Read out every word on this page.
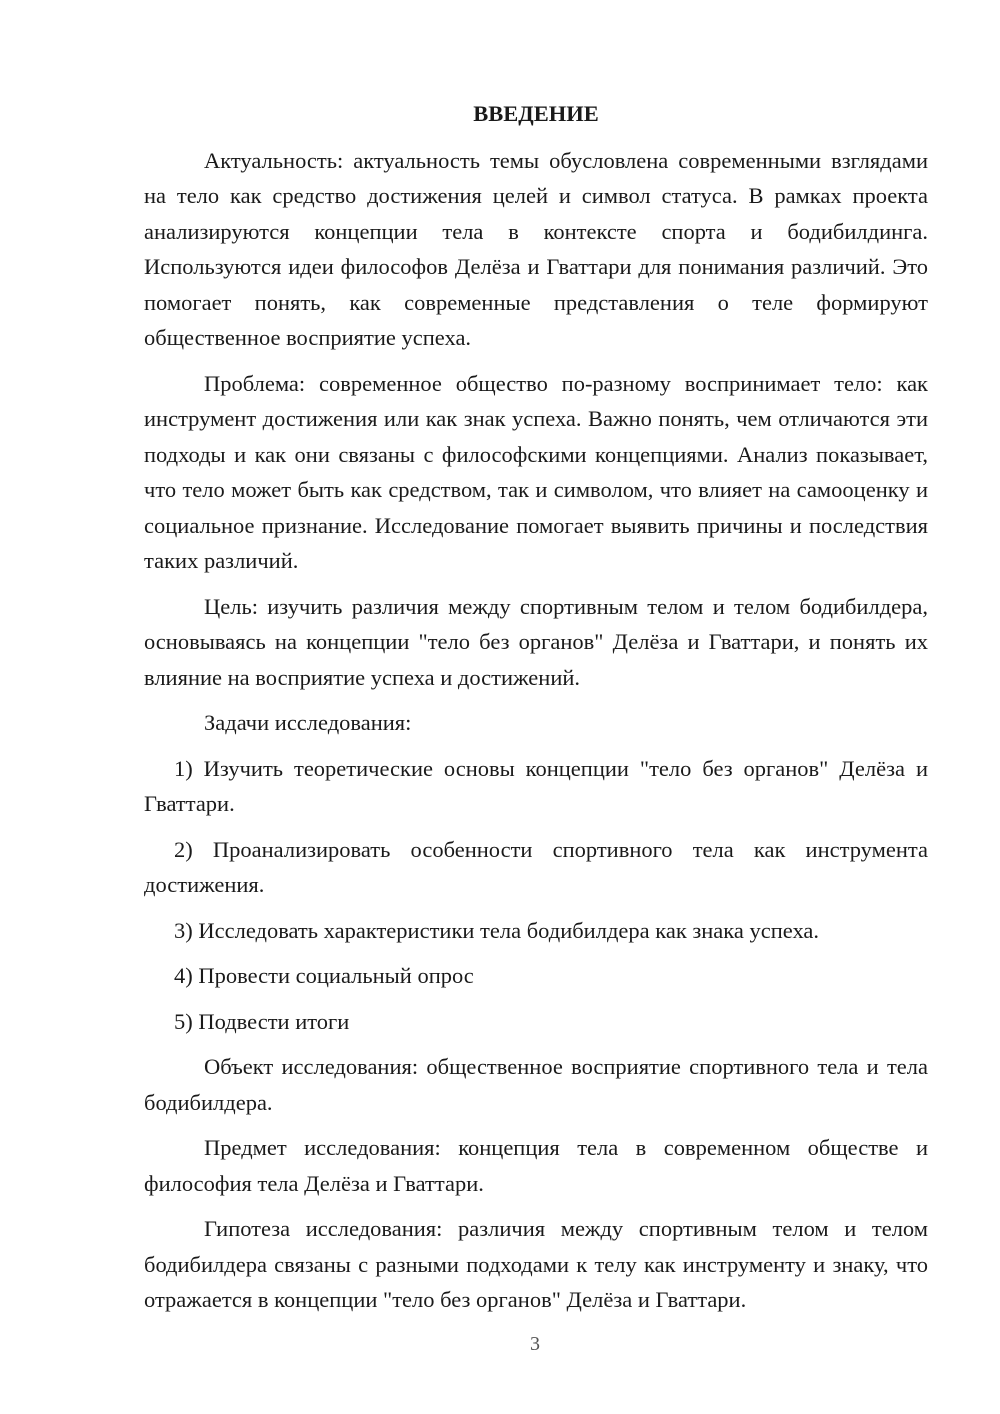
ВВЕДЕНИЕ

Актуальность: актуальность темы обусловлена современными взглядами на тело как средство достижения целей и символ статуса. В рамках проекта анализируются концепции тела в контексте спорта и бодибилдинга. Используются идеи философов Делёза и Гваттари для понимания различий. Это помогает понять, как современные представления о теле формируют общественное восприятие успеха.

Проблема: современное общество по-разному воспринимает тело: как инструмент достижения или как знак успеха. Важно понять, чем отличаются эти подходы и как они связаны с философскими концепциями. Анализ показывает, что тело может быть как средством, так и символом, что влияет на самооценку и социальное признание. Исследование помогает выявить причины и последствия таких различий.

Цель: изучить различия между спортивным телом и телом бодибилдера, основываясь на концепции "тело без органов" Делёза и Гваттари, и понять их влияние на восприятие успеха и достижений.

Задачи исследования:

1) Изучить теоретические основы концепции "тело без органов" Делёза и Гваттари.

2) Проанализировать особенности спортивного тела как инструмента достижения.

3) Исследовать характеристики тела бодибилдера как знака успеха.

4) Провести социальный опрос

5) Подвести итоги

Объект исследования: общественное восприятие спортивного тела и тела бодибилдера.

Предмет исследования: концепция тела в современном обществе и философия тела Делёза и Гваттари.

Гипотеза исследования: различия между спортивным телом и телом бодибилдера связаны с разными подходами к телу как инструменту и знаку, что отражается в концепции "тело без органов" Делёза и Гваттари.

3
